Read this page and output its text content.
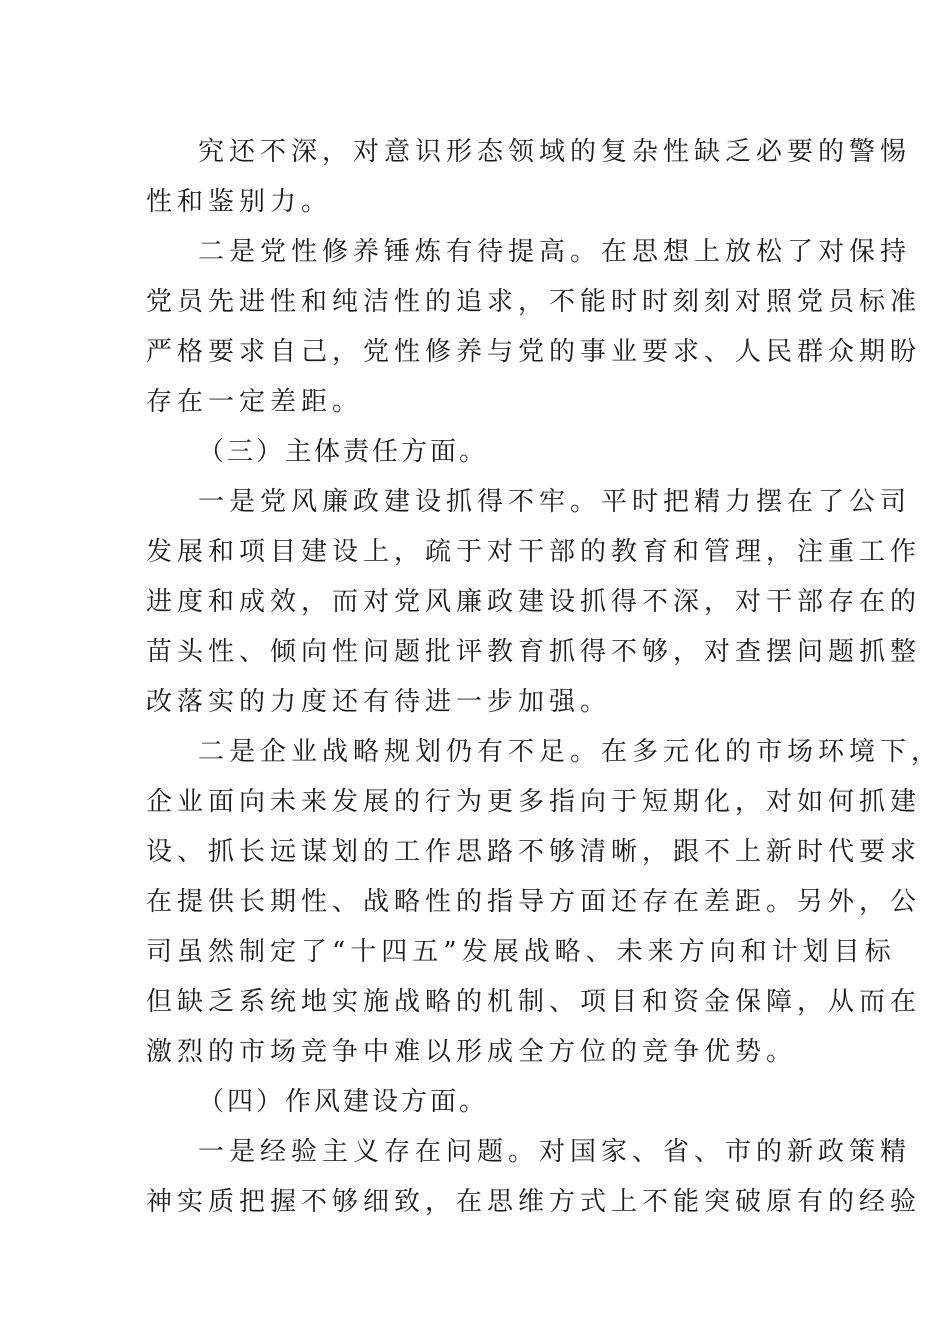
究还不深，对意识形态领域的复杂性缺乏必要的警惕
性和鉴别力。
二是党性修养锤炼有待提高。在思想上放松了对保持
党员先进性和纯洁性的追求，不能时时刻刻对照党员标准
严格要求自己，党性修养与党的事业要求、人民群众期盼
存在一定差距。
（三）主体责任方面。
一是党风廉政建设抓得不牢。平时把精力摆在了公司
发展和项目建设上，疏于对干部的教育和管理，注重工作
进度和成效，而对党风廉政建设抓得不深，对干部存在的
苗头性、倾向性问题批评教育抓得不够，对查摆问题抓整
改落实的力度还有待进一步加强。
二是企业战略规划仍有不足。在多元化的市场环境下，
企业面向未来发展的行为更多指向于短期化，对如何抓建
设、抓长远谋划的工作思路不够清晰，跟不上新时代要求
在提供长期性、战略性的指导方面还存在差距。另外，公
司虽然制定了“十四五”发展战略、未来方向和计划目标
但缺乏系统地实施战略的机制、项目和资金保障，从而在
激烈的市场竞争中难以形成全方位的竞争优势。
（四）作风建设方面。
一是经验主义存在问题。对国家、省、市的新政策精
神实质把握不够细致，在思维方式上不能突破原有的经验
